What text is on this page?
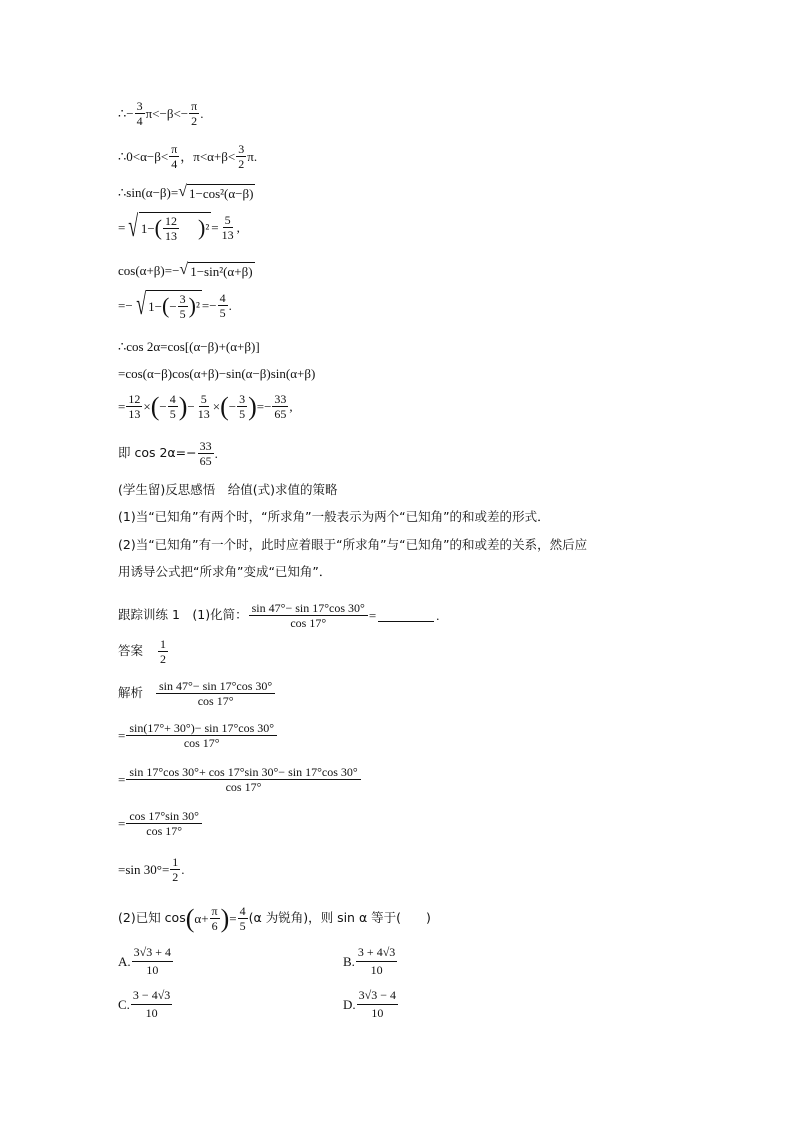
∴− $\frac{3}{4} \pi<-\beta<- \frac{\pi}{2}$ .
∴0<α−β< $\frac{\pi}{4}$ ，$\pi<\alpha+\beta< \frac{3}{2} \pi$.
∴sin(α−β)= √ 1−cos²(α−β)
= √ 1− ( $\frac{12}{13}$ ) $^2 = \frac{5}{13}$ ,
cos(α+β)=− √ 1−sin²(α+β)
=− √ 1− ( − $\frac{3}{5}$ ) $^2 =- \frac{4}{5}$ .
∴cos 2α=cos[(α−β)+(α+β)]
=cos(α−β)cos(α+β)−sin(α−β)sin(α+β)
= $\frac{12}{13}$ × ( − $\frac{4}{5}$ ) − $\frac{5}{13}$ × ( − $\frac{3}{5}$ ) =− $\frac{33}{65}$ ,
即 $\cos 2\alpha=- \frac{33}{65}$ .
(学生留)反思感悟　给值(式)求值的策略
(1)当“已知角”有两个时，“所求角”一般表示为两个“已知角”的和或差的形式．
(2)当“已知角”有一个时，此时应着眼于“所求角”与“已知角”的和或差的关系，然后应
用诱导公式把“所求角”变成“已知角”．
跟踪训练 1　(1)化简： $\frac{\sin 47^\circ- \sin 17^\circ\cos 30^\circ}{\cos 17^\circ}$ =	.
答案 $\frac{1}{2}$
解析 $\frac{\sin 47^\circ- \sin 17^\circ\cos 30^\circ}{\cos 17^\circ}$
= $\frac{\sin(17^\circ+ 30^\circ)- \sin 17^\circ\cos 30^\circ}{\cos 17^\circ}$
= $\frac{\sin 17^\circ\cos 30^\circ+ \cos 17^\circ\sin 30^\circ- \sin 17^\circ\cos 30^\circ}{\cos 17^\circ}$
= $\frac{\cos 17^\circ\sin 30^\circ}{\cos 17^\circ}$
=sin $30^\circ= \frac{1}{2}$ .
(2)已知 cos ( $\alpha+ \frac{\pi}{6}$ ) = $\frac{4}{5} (\alpha$ 为锐角)，则 sin α 等于(　　)
A. $\frac{3√3 + 4}{10}$	B. $\frac{3 + 4√3}{10}$
C. $\frac{3 - 4√3}{10}$	D. $\frac{3√3 - 4}{10}$
